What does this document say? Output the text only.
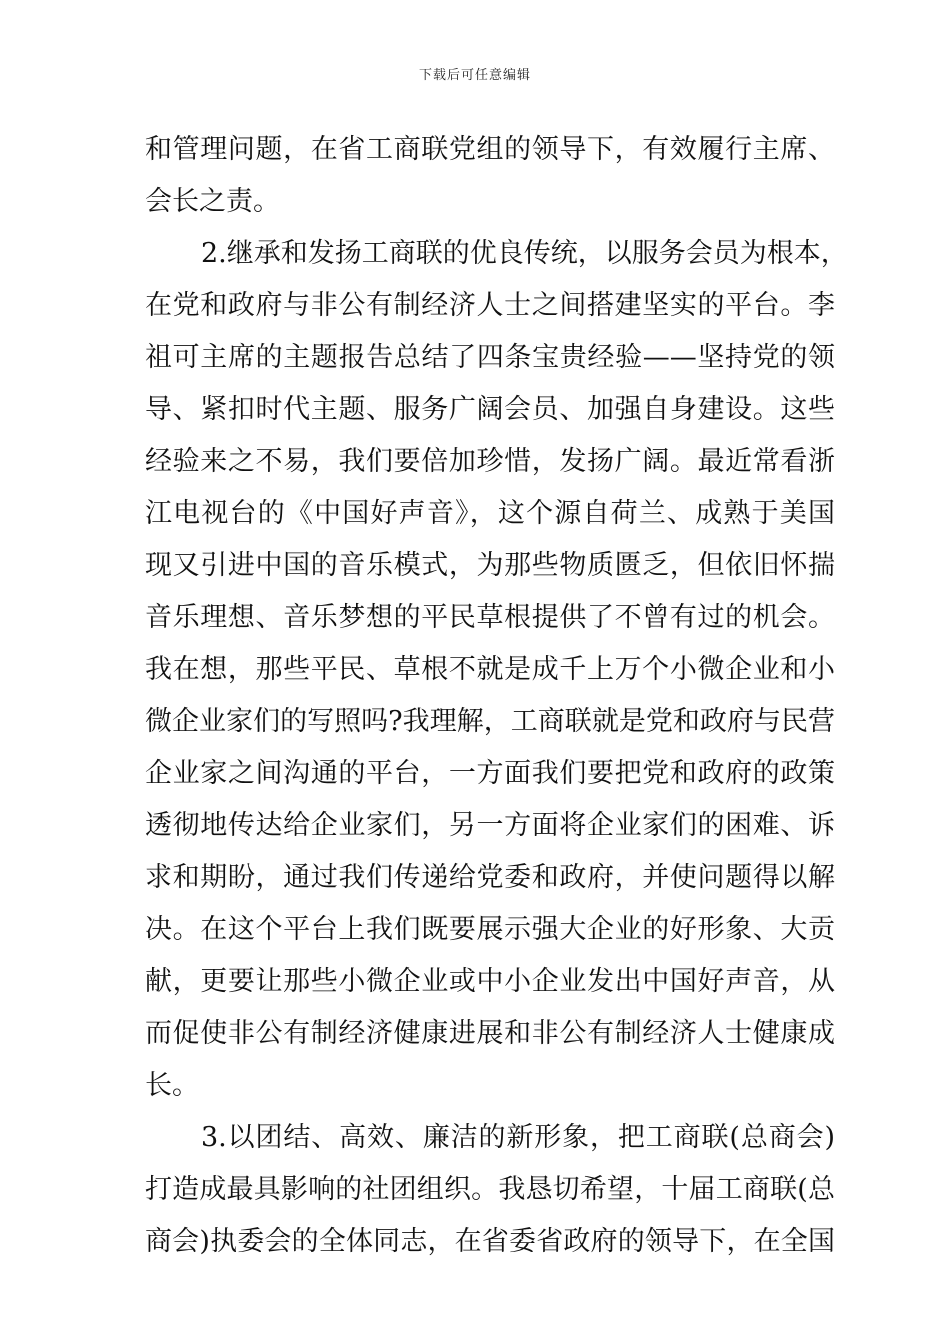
下载后可任意编辑
和管理问题，在省工商联党组的领导下，有效履行主席、
会长之责。
2.继承和发扬工商联的优良传统，以服务会员为根本，
在党和政府与非公有制经济人士之间搭建坚实的平台。李
祖可主席的主题报告总结了四条宝贵经验——坚持党的领
导、紧扣时代主题、服务广阔会员、加强自身建设。这些
经验来之不易，我们要倍加珍惜，发扬广阔。最近常看浙
江电视台的《中国好声音》，这个源自荷兰、成熟于美国
现又引进中国的音乐模式，为那些物质匮乏，但依旧怀揣
音乐理想、音乐梦想的平民草根提供了不曾有过的机会。
我在想，那些平民、草根不就是成千上万个小微企业和小
微企业家们的写照吗?我理解，工商联就是党和政府与民营
企业家之间沟通的平台，一方面我们要把党和政府的政策
透彻地传达给企业家们，另一方面将企业家们的困难、诉
求和期盼，通过我们传递给党委和政府，并使问题得以解
决。在这个平台上我们既要展示强大企业的好形象、大贡
献，更要让那些小微企业或中小企业发出中国好声音，从
而促使非公有制经济健康进展和非公有制经济人士健康成
长。
3.以团结、高效、廉洁的新形象，把工商联(总商会)
打造成最具影响的社团组织。我恳切希望，十届工商联(总
商会)执委会的全体同志，在省委省政府的领导下，在全国
